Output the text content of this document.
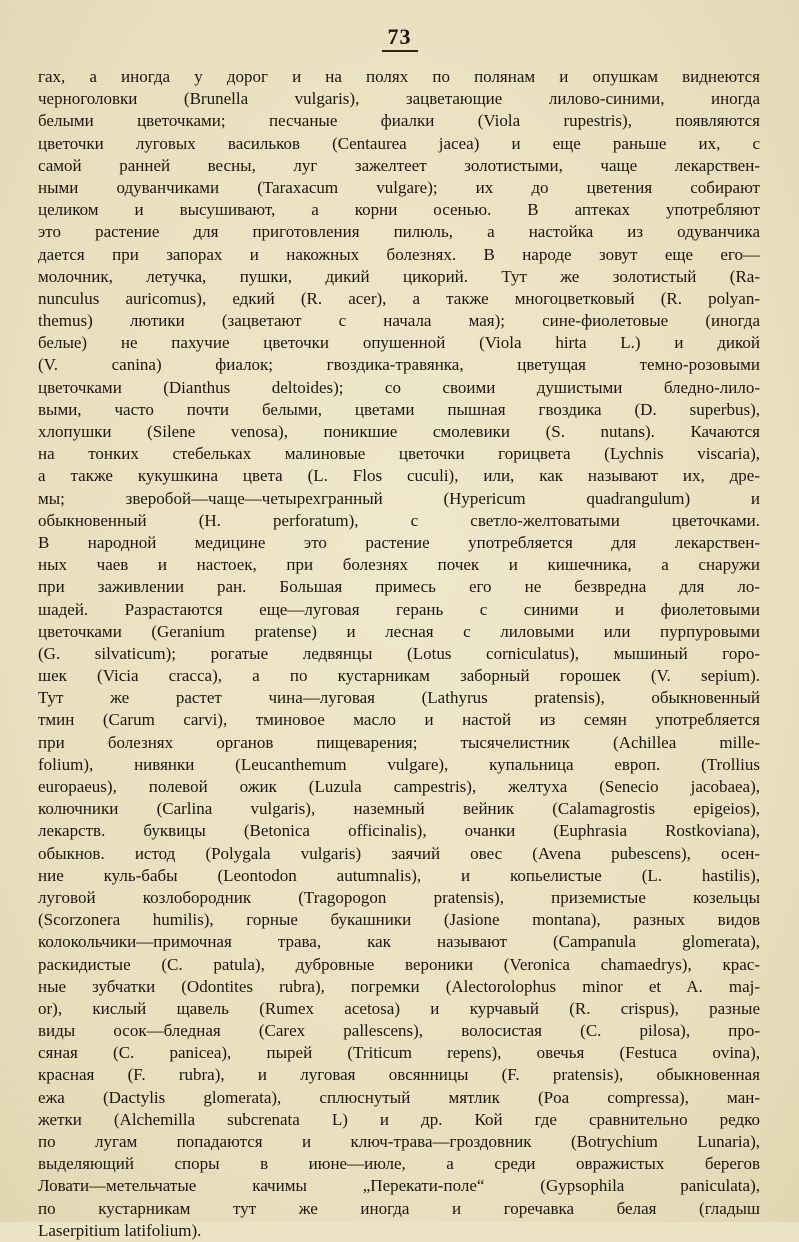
73
гах, а иногда у дорог и на полях по полянам и опушкам виднеются
черноголовки (Brunella vulgaris), зацветающие лилово-синими, иногда
белыми цветочками; песчаные фиалки (Viola rupestris), появляются
цветочки луговых васильков (Centaurea jacea) и еще раньше их, с
самой ранней весны, луг зажелтеет золотистыми, чаще лекарствен-
ными одуванчиками (Taraxacum vulgare); их до цветения собирают
целиком и высушивают, а корни осенью. В аптеках употребляют
это растение для приготовления пилюль, а настойка из одуванчика
дается при запорах и накожных болезнях. В народе зовут еще его—
молочник, летучка, пушки, дикий цикорий. Тут же золотистый (Ra-
nunculus auricomus), едкий (R. acer), а также многоцветковый (R. polyan-
themus) лютики (зацветают с начала мая); сине-фиолетовые (иногда
белые) не пахучие цветочки опушенной (Viola hirta L.) и дикой
(V. canina) фиалок; гвоздика-травянка, цветущая темно-розовыми
цветочками (Dianthus deltoides); со своими душистыми бледно-лило-
выми, часто почти белыми, цветами пышная гвоздика (D. superbus),
хлопушки (Silene venosa), поникшие смолевики (S. nutans). Качаются
на тонких стебельках малиновые цветочки горицвета (Lychnis viscaria),
а также кукушкина цвета (L. Flos cuculi), или, как называют их, дре-
мы; зверобой—чаще—четырехгранный (Hypericum quadrangulum) и
обыкновенный (H. perforatum), с светло-желтоватыми цветочками.
В народной медицине это растение употребляется для лекарствен-
ных чаев и настоек, при болезнях почек и кишечника, а снаружи
при заживлении ран. Большая примесь его не безвредна для ло-
шадей. Разрастаются еще—луговая герань с синими и фиолетовыми
цветочками (Geranium pratense) и лесная с лиловыми или пурпуровыми
(G. silvaticum); рогатые ледвянцы (Lotus corniculatus), мышиный горо-
шек (Vicia cracca), а по кустарникам заборный горошек (V. sepium).
Тут же растет чина—луговая (Lathyrus pratensis), обыкновенный
тмин (Carum carvi), тминовое масло и настой из семян употребляется
при болезнях органов пищеварения; тысячелистник (Achillea mille-
folium), нивянки (Leucanthemum vulgare), купальница европ. (Trollius
europaeus), полевой ожик (Luzula campestris), желтуха (Senecio jacobaea),
колючники (Carlina vulgaris), наземный вейник (Calamagrostis epigeios),
лекарств. буквицы (Betonica officinalis), очанки (Euphrasia Rostkoviana),
обыкнов. истод (Polygala vulgaris) заячий овес (Avena pubescens), осен-
ние куль-бабы (Leontodon autumnalis), и копьелистые (L. hastilis),
луговой козлобородник (Tragopogon pratensis), приземистые козельцы
(Scorzonera humilis), горные букашники (Jasione montana), разных видов
колокольчики—примочная трава, как называют (Campanula glomerata),
раскидистые (C. patula), дубровные вероники (Veronica chamaedrys), крас-
ные зубчатки (Odontites rubra), погремки (Alectorolophus minor et A. maj-
or), кислый щавель (Rumex acetosa) и курчавый (R. crispus), разные
виды осок—бледная (Carex pallescens), волосистая (C. pilosa), про-
сяная (C. panicea), пырей (Triticum repens), овечья (Festuca ovina),
красная (F. rubra), и луговая овсянницы (F. pratensis), обыкновенная
ежа (Dactylis glomerata), сплюснутый мятлик (Poa compressa), ман-
жетки (Alchemilla subcrenata L) и др. Кой где сравнительно редко
по лугам попадаются и ключ-трава—гроздовник (Botrychium Lunaria),
выделяющий споры в июне—июле, а среди овражистых берегов
Ловати—метельчатые качимы „Перекати-поле“ (Gypsophila paniculata),
по кустарникам тут же иногда и горечавка белая (гладыш
Laserpitium latifolium).
